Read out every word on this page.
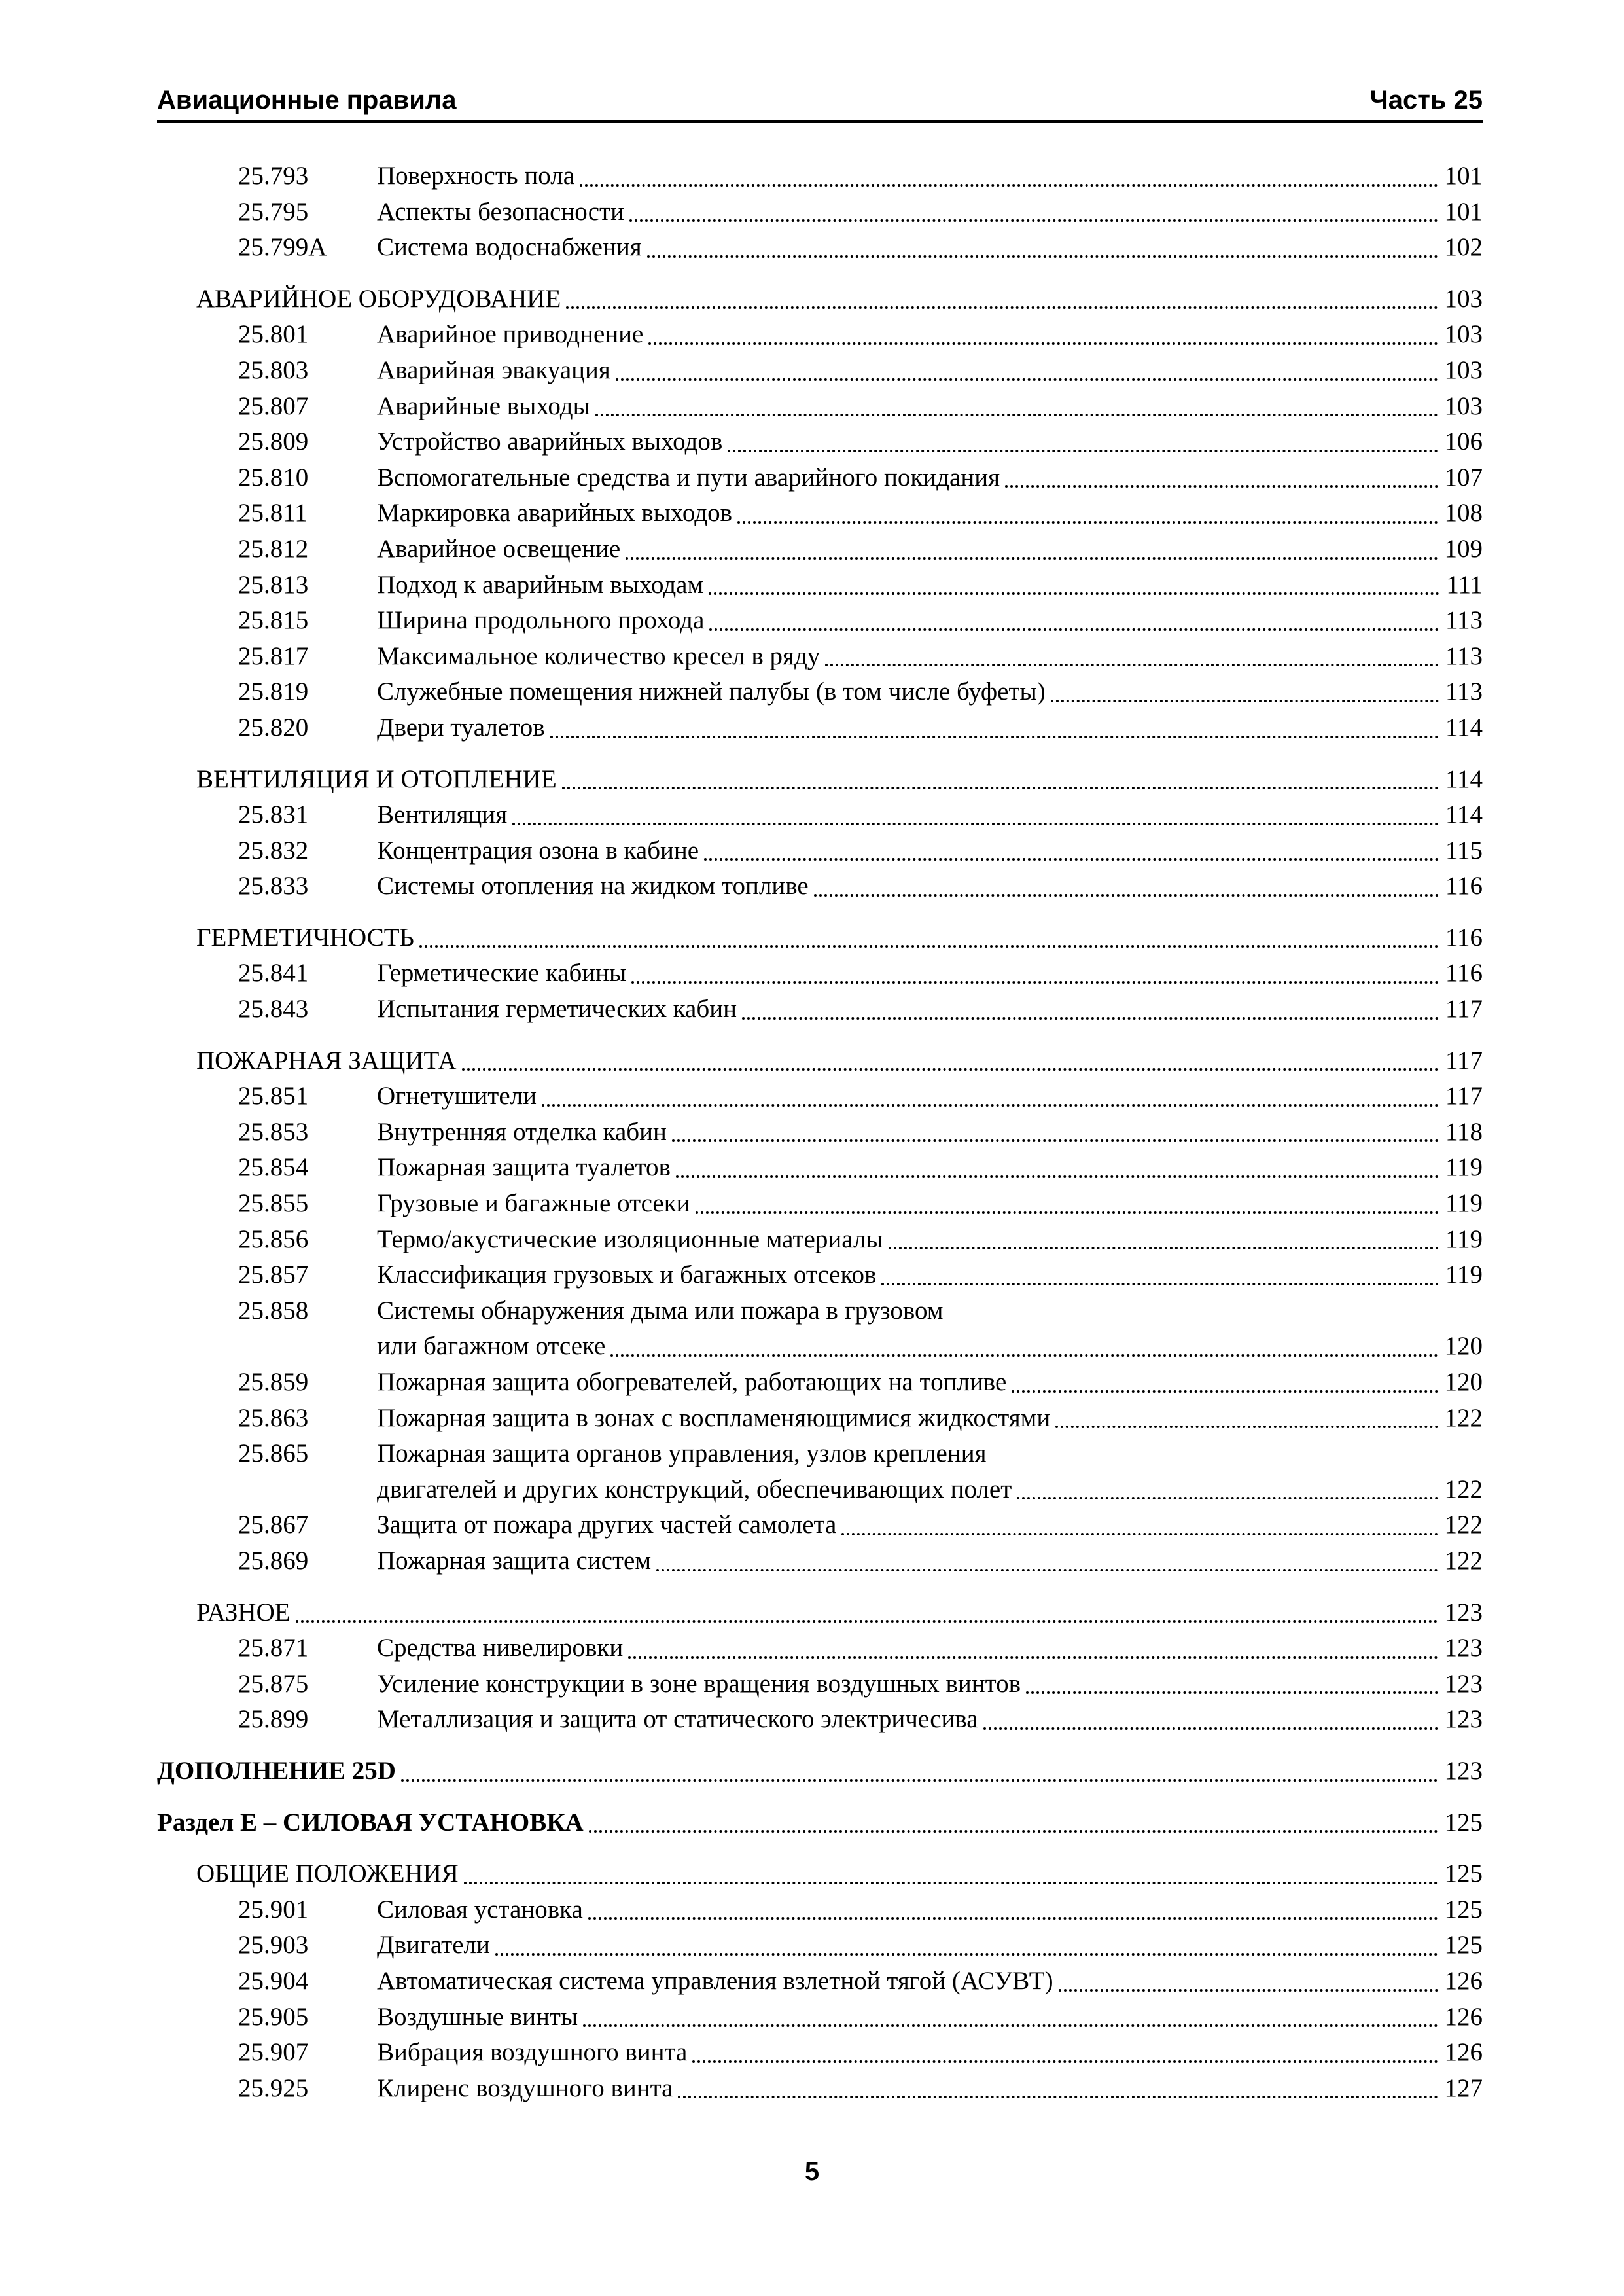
Авиационные правила	Часть 25
25.793	Поверхность пола	101
25.795	Аспекты безопасности	101
25.799А	Система водоснабжения	102
АВАРИЙНОЕ ОБОРУДОВАНИЕ	103
25.801	Аварийное приводнение	103
25.803	Аварийная эвакуация	103
25.807	Аварийные выходы	103
25.809	Устройство аварийных выходов	106
25.810	Вспомогательные средства и пути аварийного покидания	107
25.811	Маркировка аварийных выходов	108
25.812	Аварийное освещение	109
25.813	Подход к аварийным выходам	111
25.815	Ширина продольного прохода	113
25.817	Максимальное количество кресел в ряду	113
25.819	Служебные помещения нижней палубы (в том числе буфеты)	113
25.820	Двери туалетов	114
ВЕНТИЛЯЦИЯ И ОТОПЛЕНИЕ	114
25.831	Вентиляция	114
25.832	Концентрация озона в кабине	115
25.833	Системы отопления на жидком топливе	116
ГЕРМЕТИЧНОСТЬ	116
25.841	Герметические кабины	116
25.843	Испытания герметических кабин	117
ПОЖАРНАЯ ЗАЩИТА	117
25.851	Огнетушители	117
25.853	Внутренняя отделка кабин	118
25.854	Пожарная защита туалетов	119
25.855	Грузовые и багажные отсеки	119
25.856	Термо/акустические изоляционные материалы	119
25.857	Классификация грузовых и багажных отсеков	119
25.858	Системы обнаружения дыма или пожара в грузовом
или багажном отсеке	120
25.859	Пожарная защита обогревателей, работающих на топливе	120
25.863	Пожарная защита в зонах с воспламеняющимися жидкостями	122
25.865	Пожарная защита органов управления, узлов крепления
двигателей и других конструкций, обеспечивающих полет	122
25.867	Защита от пожара других частей самолета	122
25.869	Пожарная защита систем	122
РАЗНОЕ	123
25.871	Средства нивелировки	123
25.875	Усиление конструкции в зоне вращения воздушных винтов	123
25.899	Металлизация и защита от статического электричесива	123
ДОПОЛНЕНИЕ 25D	123
Раздел Е – СИЛОВАЯ УСТАНОВКА	125
ОБЩИЕ ПОЛОЖЕНИЯ	125
25.901	Силовая установка	125
25.903	Двигатели	125
25.904	Автоматическая система управления взлетной тягой (АСУВТ)	126
25.905	Воздушные винты	126
25.907	Вибрация воздушного винта	126
25.925	Клиренс воздушного винта	127
5
